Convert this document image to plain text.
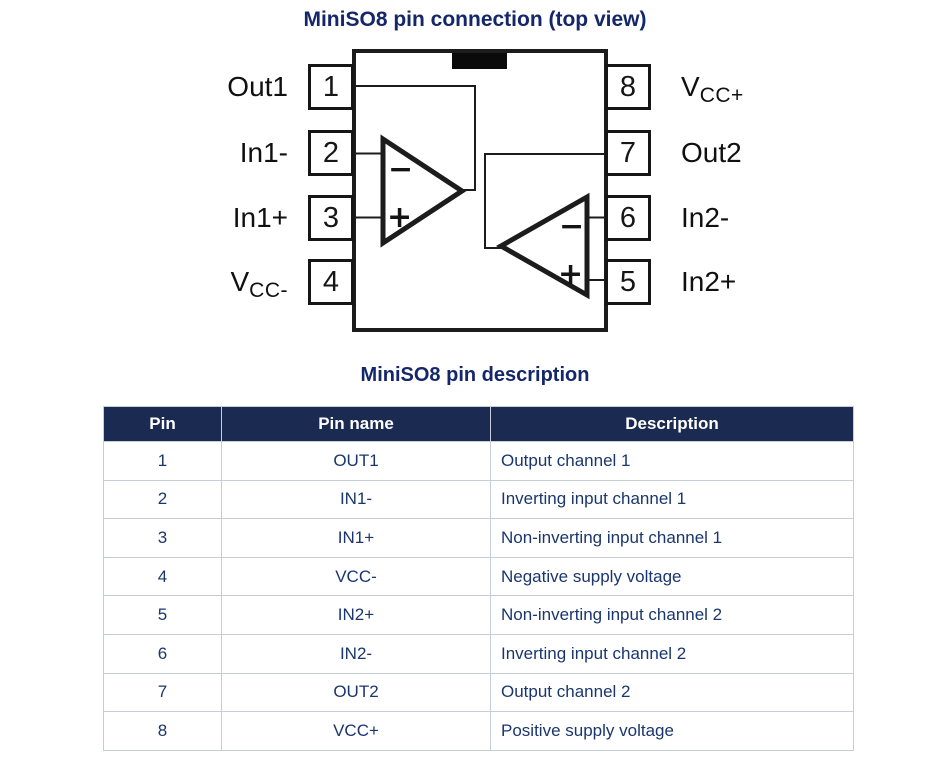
MiniSO8 pin connection (top view)
−
+	−
+
1
2
3
4
8
7
6
5
Out1
In1-
In1+
$V_{CC-}$
$V_{CC+}$
Out2
In2-
In2+
MiniSO8 pin description
Pin	Pin name	Description
1	OUT1	Output channel 1
2	IN1-	Inverting input channel 1
3	IN1+	Non-inverting input channel 1
4	VCC-	Negative supply voltage
5	IN2+	Non-inverting input channel 2
6	IN2-	Inverting input channel 2
7	OUT2	Output channel 2
8	VCC+	Positive supply voltage
